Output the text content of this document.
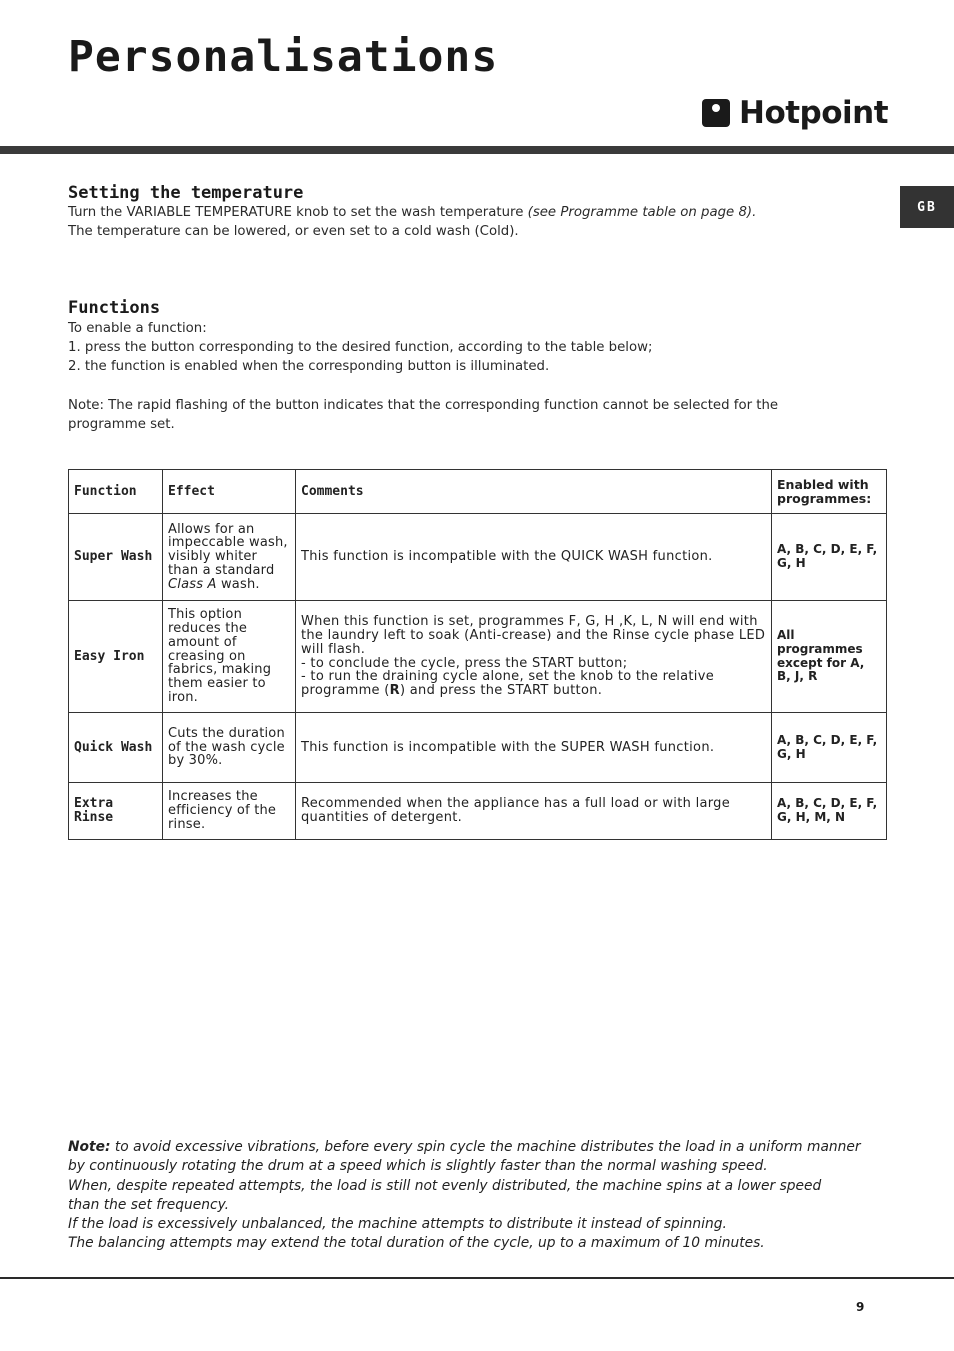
Personalisations
Hotpoint
GB
Setting the temperature

Turn the VARIABLE TEMPERATURE knob to set the wash temperature (see Programme table on page 8).

The temperature can be lowered, or even set to a cold wash (Cold).

Functions

To enable a function:

1. press the button corresponding to the desired function, according to the table below;

2. the function is enabled when the corresponding button is illuminated.

Note: The rapid flashing of the button indicates that the corresponding function cannot be selected for the

programme set.

Function	Effect	Comments	Enabled with programmes:
Super Wash	Allows for an impeccable wash, visibly whiter than a standard Class A wash.	This function is incompatible with the QUICK WASH function.	A, B, C, D, E, F, G, H
Easy Iron	This option reduces the amount of creasing on fabrics, making them easier to iron.	When this function is set, programmes F, G, H ,K, L, N will end with the laundry left to soak (Anti-crease) and the Rinse cycle phase LED will flash.
- to conclude the cycle, press the START button;
- to run the draining cycle alone, set the knob to the relative programme (R) and press the START button.	All programmes except for A, B, J, R
Quick Wash	Cuts the duration of the wash cycle by 30%.	This function is incompatible with the SUPER WASH function.	A, B, C, D, E, F, G, H
Extra Rinse	Increases the efficiency of the rinse.	Recommended when the appliance has a full load or with large quantities of detergent.	A, B, C, D, E, F, G, H, M, N

Note: to avoid excessive vibrations, before every spin cycle the machine distributes the load in a uniform manner

by continuously rotating the drum at a speed which is slightly faster than the normal washing speed.

When, despite repeated attempts, the load is still not evenly distributed, the machine spins at a lower speed

than the set frequency.

If the load is excessively unbalanced, the machine attempts to distribute it instead of spinning.

The balancing attempts may extend the total duration of the cycle, up to a maximum of 10 minutes.

9
